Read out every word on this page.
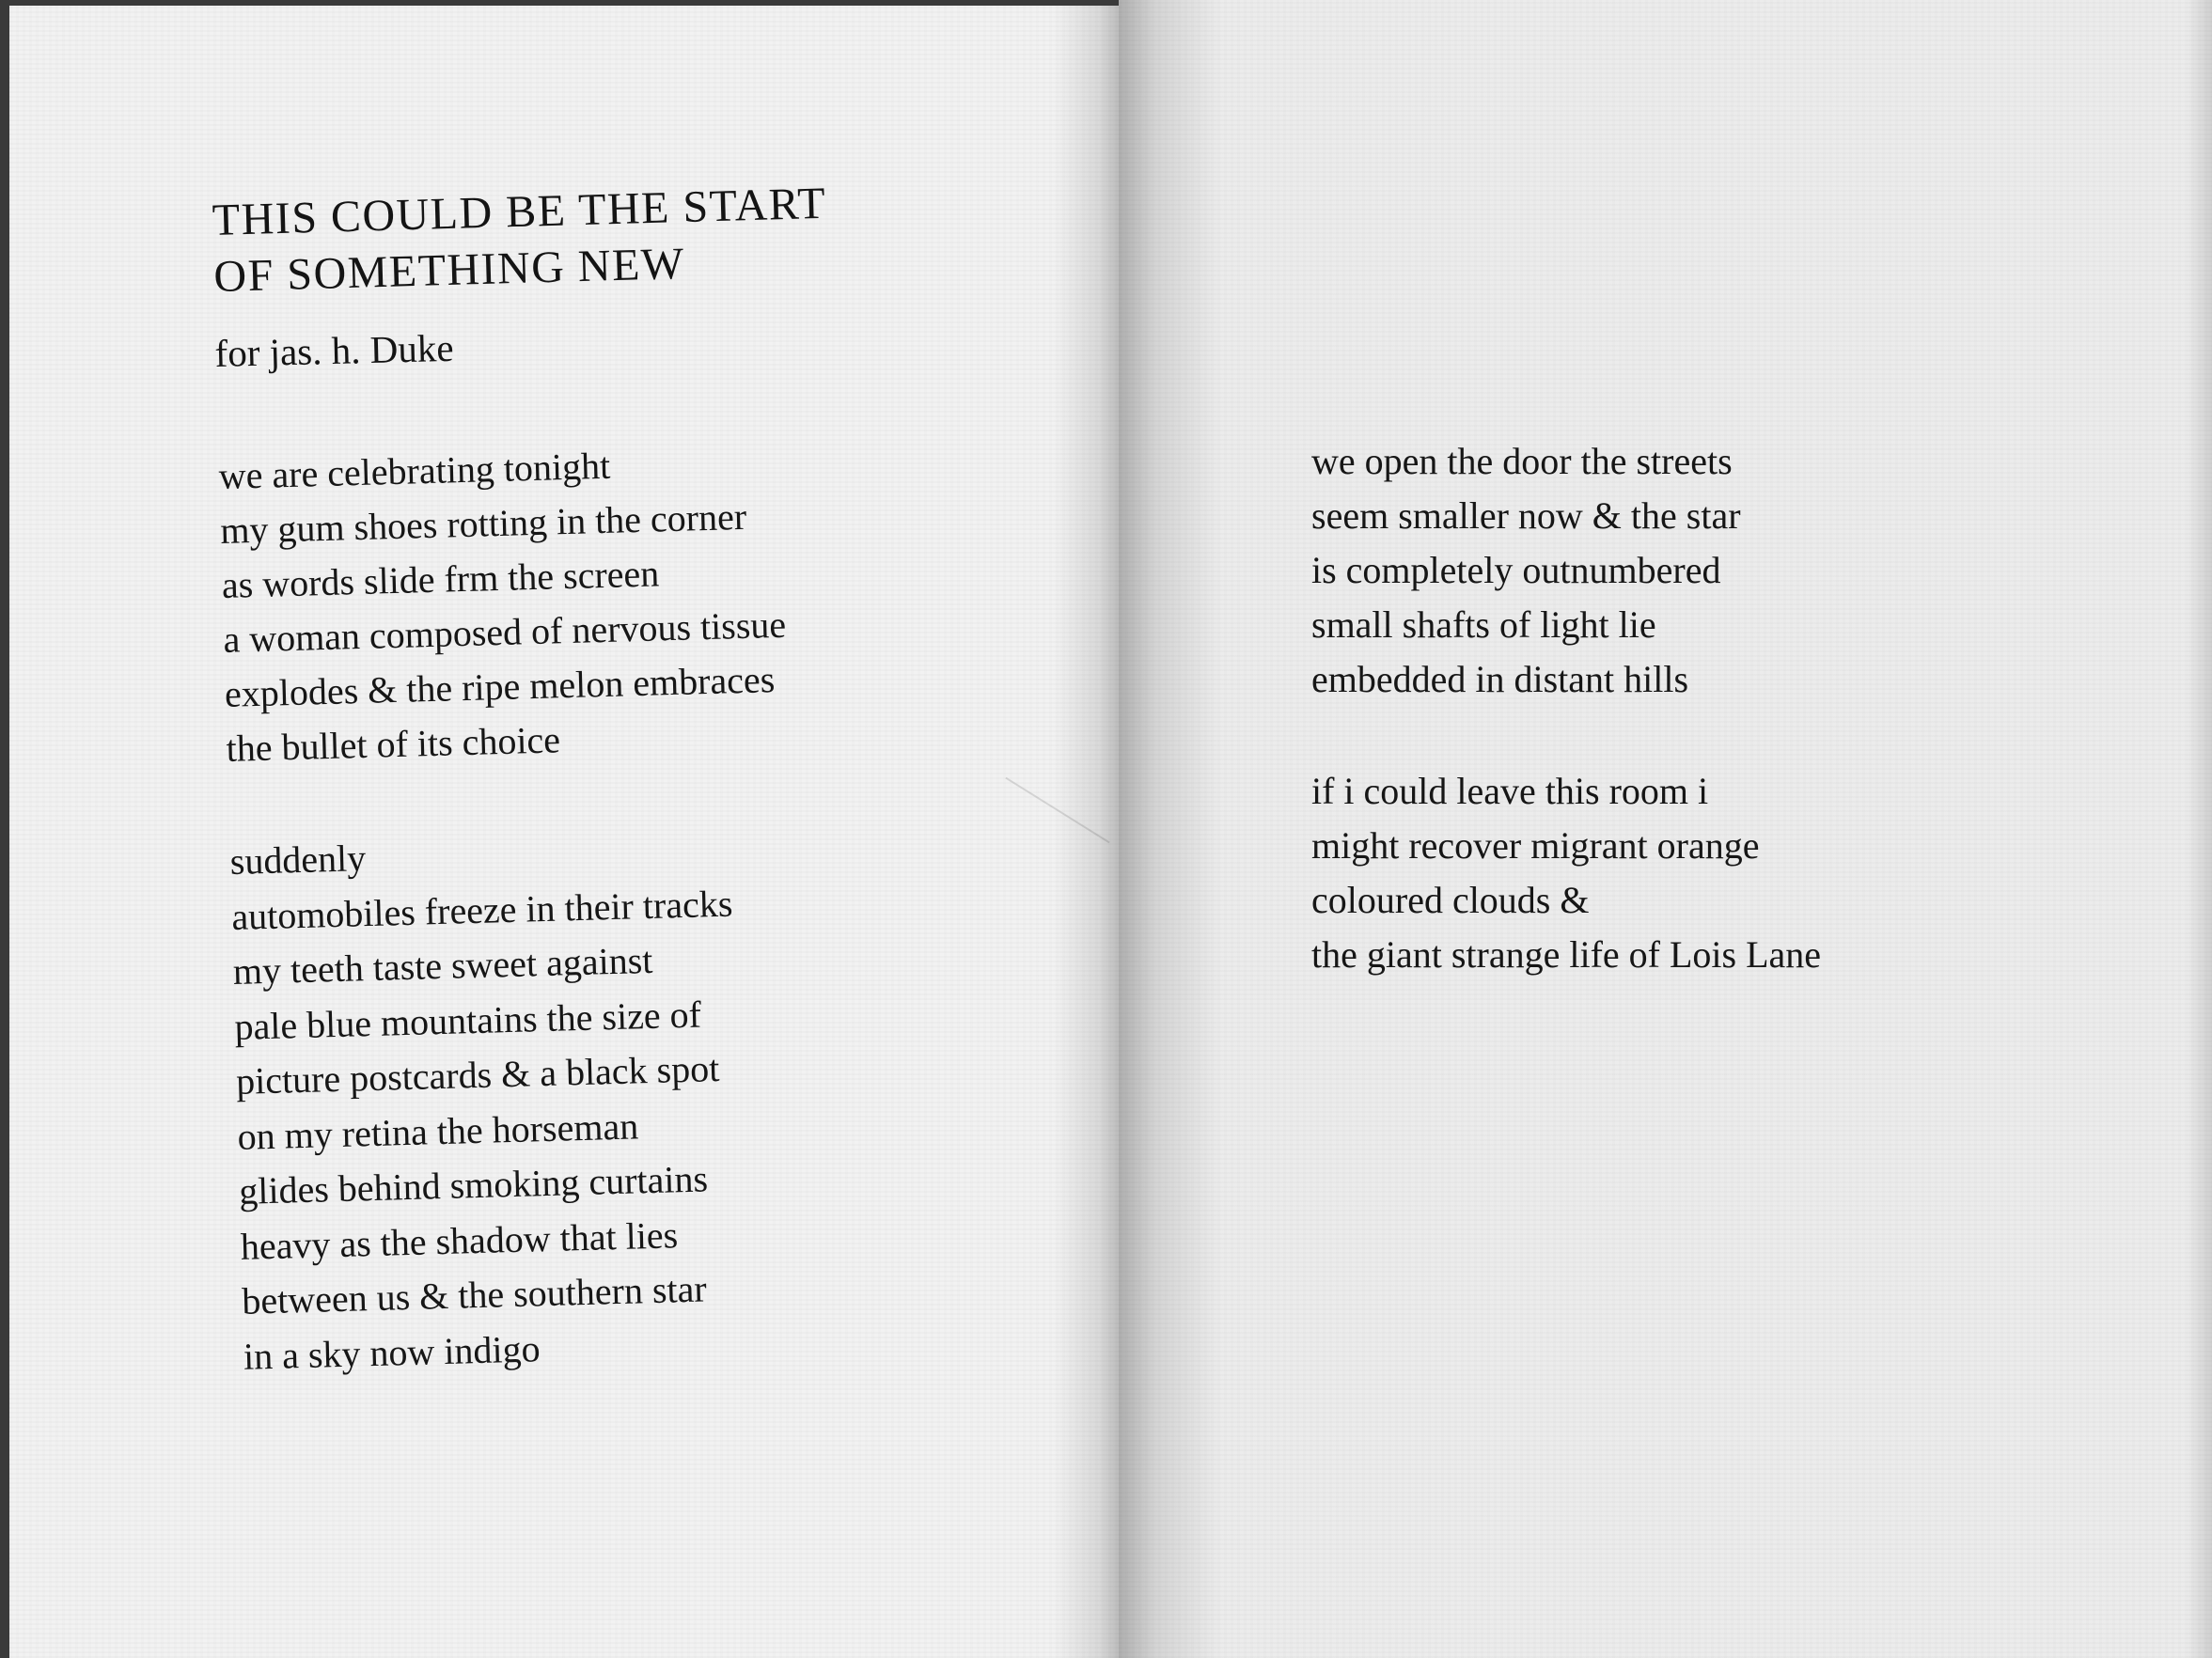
THIS COULD BE THE START
OF SOMETHING NEW
for jas. h. Duke

we are celebrating tonight
my gum shoes rotting in the corner
as words slide frm the screen
a woman composed of nervous tissue
explodes & the ripe melon embraces
the bullet of its choice

suddenly
automobiles freeze in their tracks
my teeth taste sweet against
pale blue mountains the size of
picture postcards & a black spot
on my retina the horseman
glides behind smoking curtains
heavy as the shadow that lies
between us & the southern star
in a sky now indigo

we open the door the streets
seem smaller now & the star
is completely outnumbered
small shafts of light lie
embedded in distant hills

if i could leave this room i
might recover migrant orange
coloured clouds &
the giant strange life of Lois Lane
